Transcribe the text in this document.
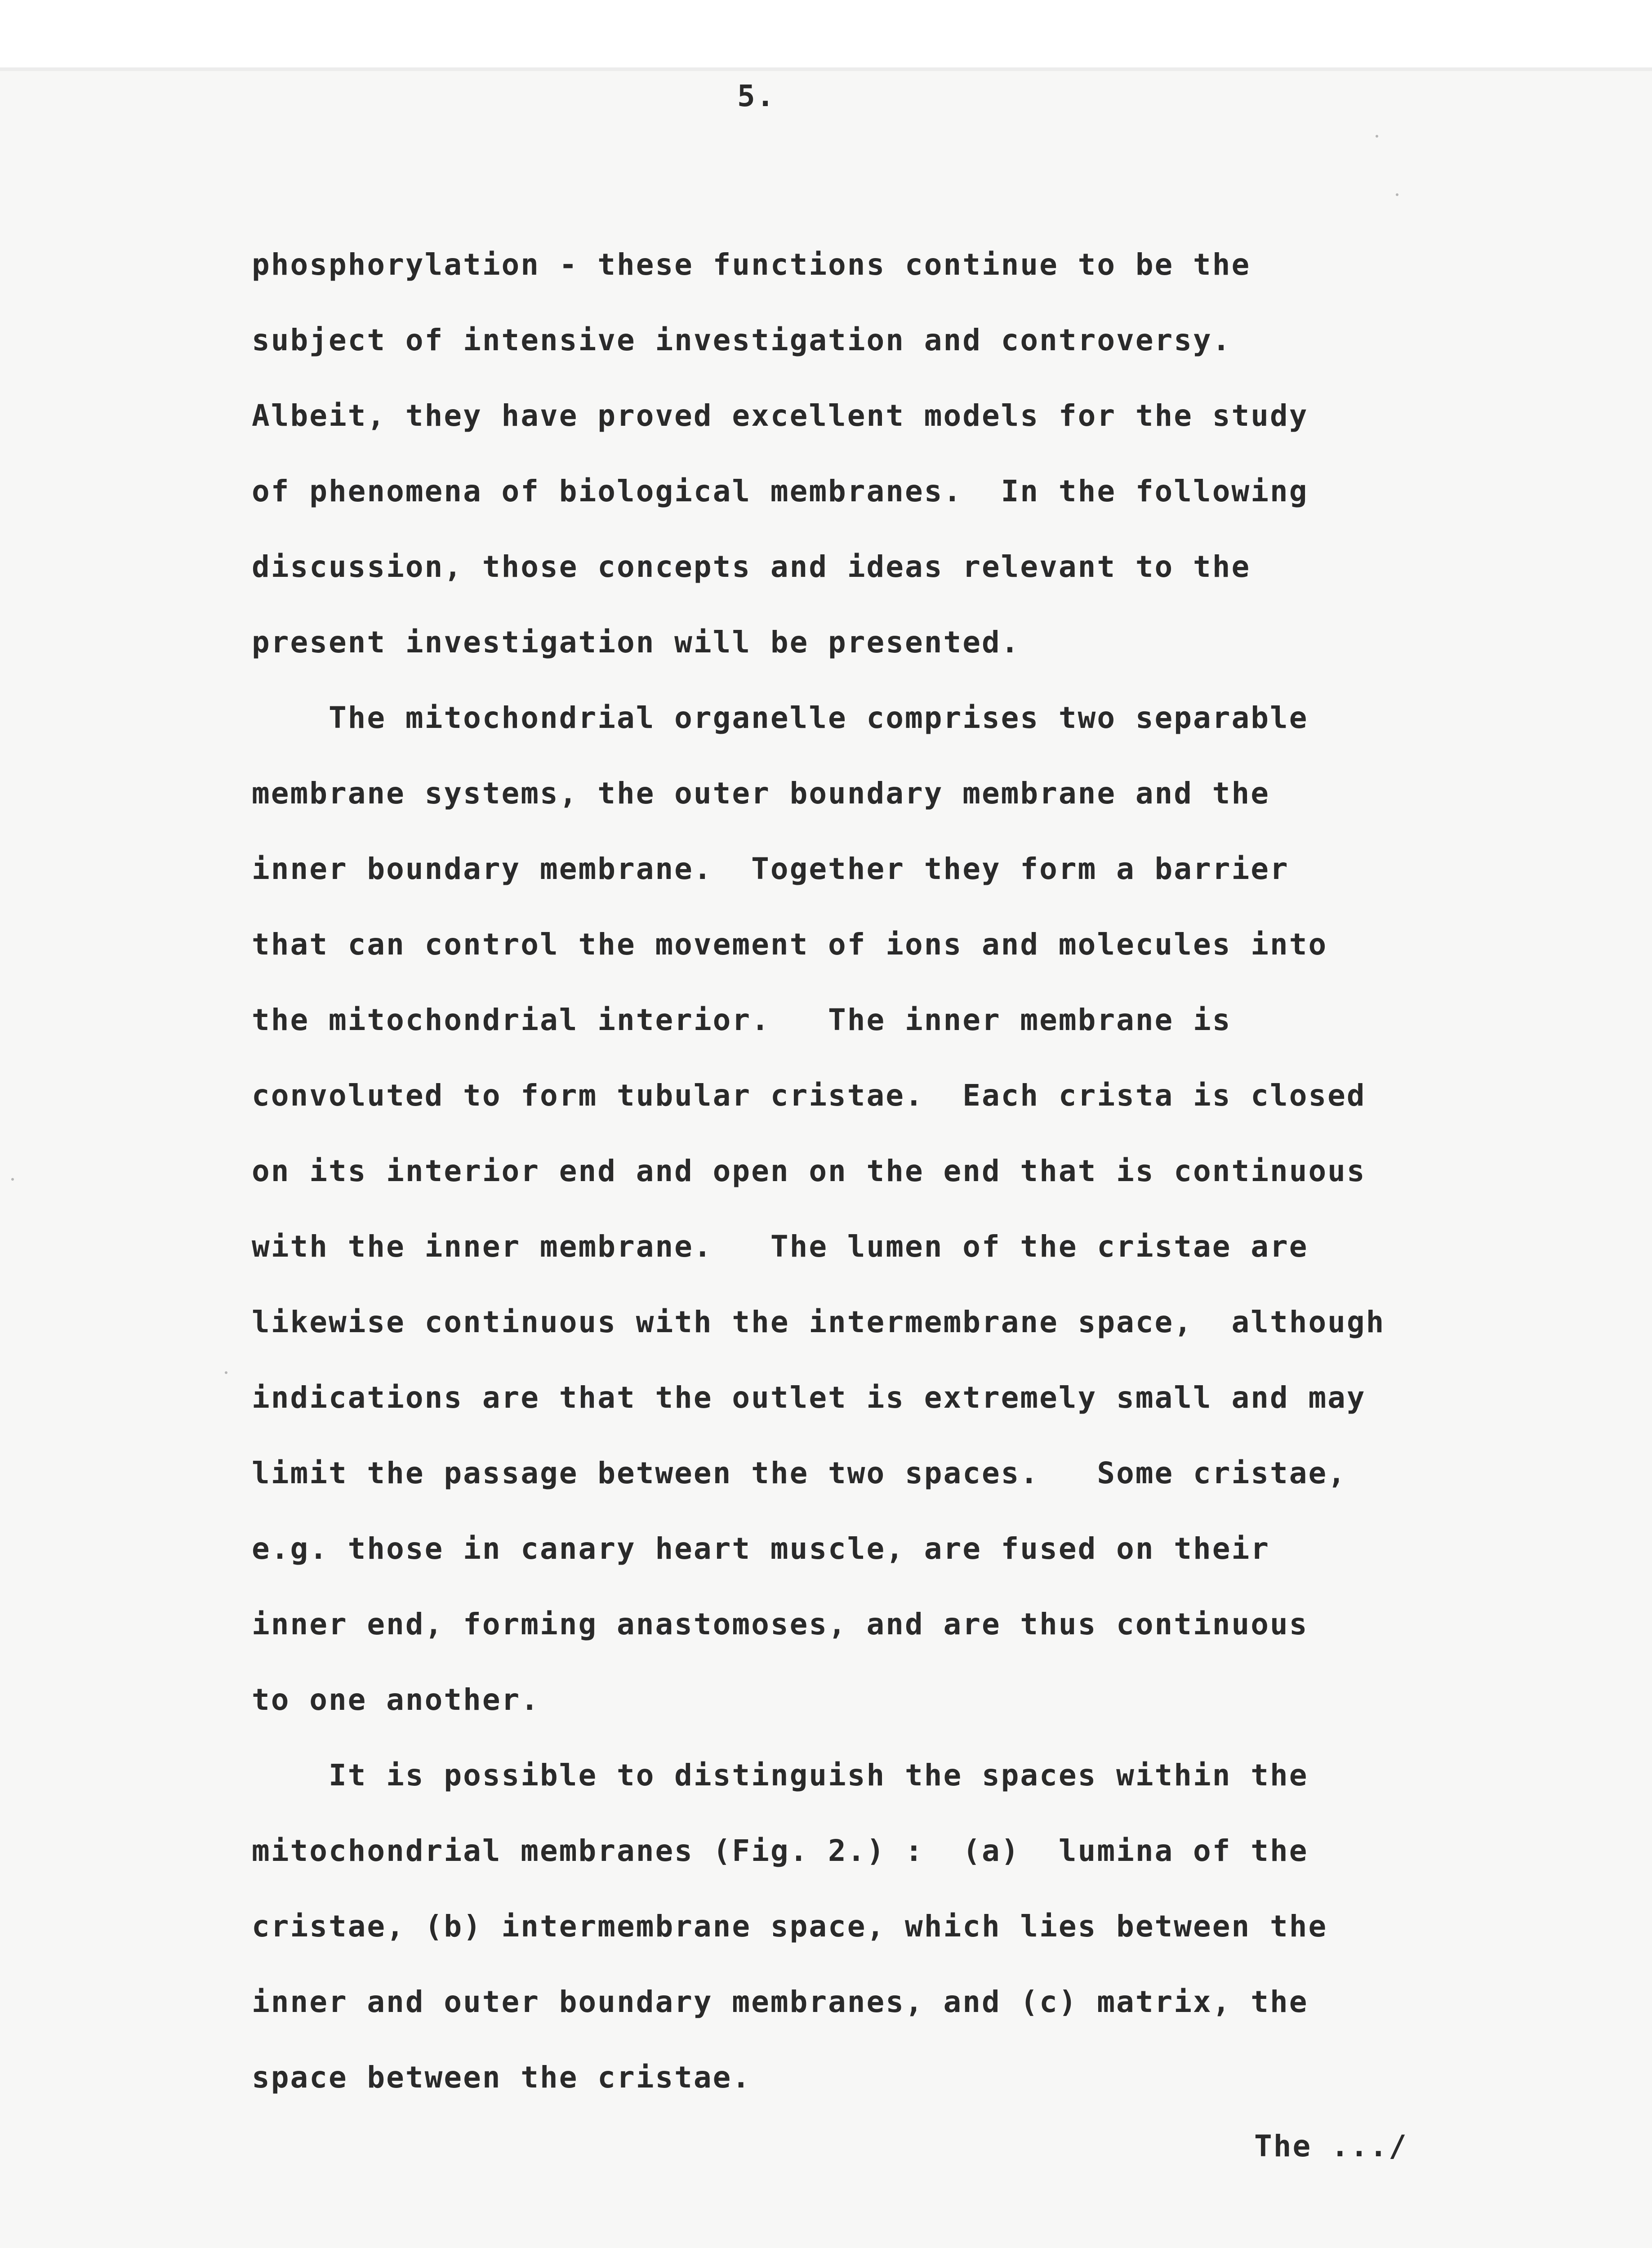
5.
phosphorylation - these functions continue to be the
subject of intensive investigation and controversy.
Albeit, they have proved excellent models for the study
of phenomena of biological membranes.  In the following
discussion, those concepts and ideas relevant to the
present investigation will be presented.
The mitochondrial organelle comprises two separable
membrane systems, the outer boundary membrane and the
inner boundary membrane.  Together they form a barrier
that can control the movement of ions and molecules into
the mitochondrial interior.   The inner membrane is
convoluted to form tubular cristae.  Each crista is closed
on its interior end and open on the end that is continuous
with the inner membrane.   The lumen of the cristae are
likewise continuous with the intermembrane space,  although
indications are that the outlet is extremely small and may
limit the passage between the two spaces.   Some cristae,
e.g. those in canary heart muscle, are fused on their
inner end, forming anastomoses, and are thus continuous
to one another.
It is possible to distinguish the spaces within the
mitochondrial membranes (Fig. 2.) :  (a)  lumina of the
cristae, (b) intermembrane space, which lies between the
inner and outer boundary membranes, and (c) matrix, the
space between the cristae.
The .../
